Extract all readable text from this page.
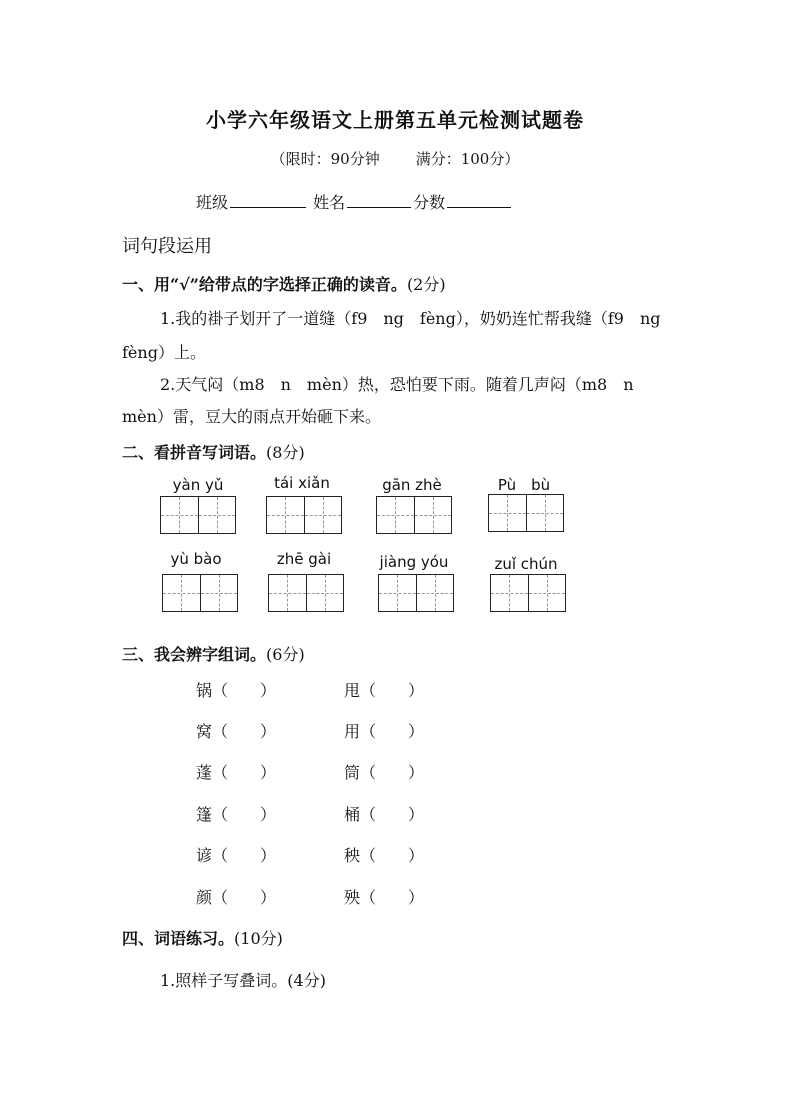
小学六年级语文上册第五单元检测试题卷
（限时：90分钟 满分：100分）
班级	姓名	分数
词句段运用
一、用“√”给带点的字选择正确的读音。(2分)
1.我的褂子划开了一道缝（f9　ng　fèng），奶奶连忙帮我缝（f9　ng
fèng）上。
2.天气闷（m8　n　mèn）热，恐怕要下雨。随着几声闷（m8　n
mèn）雷，豆大的雨点开始砸下来。
二、看拼音写词语。(8分)
yàn yǔ	tái xiǎn	gān zhè	Pù　bù
yù bào	zhē gài	jiàng yóu	zuǐ chún
三、我会辨字组词。(6分)
锅（　　）	甩（　　）
窝（　　）	用（　　）
蓬（　　）	筒（　　）
篷（　　）	桶（　　）
谚（　　）	秧（　　）
颜（　　）	殃（　　）
四、词语练习。(10分)
1.照样子写叠词。(4分)
